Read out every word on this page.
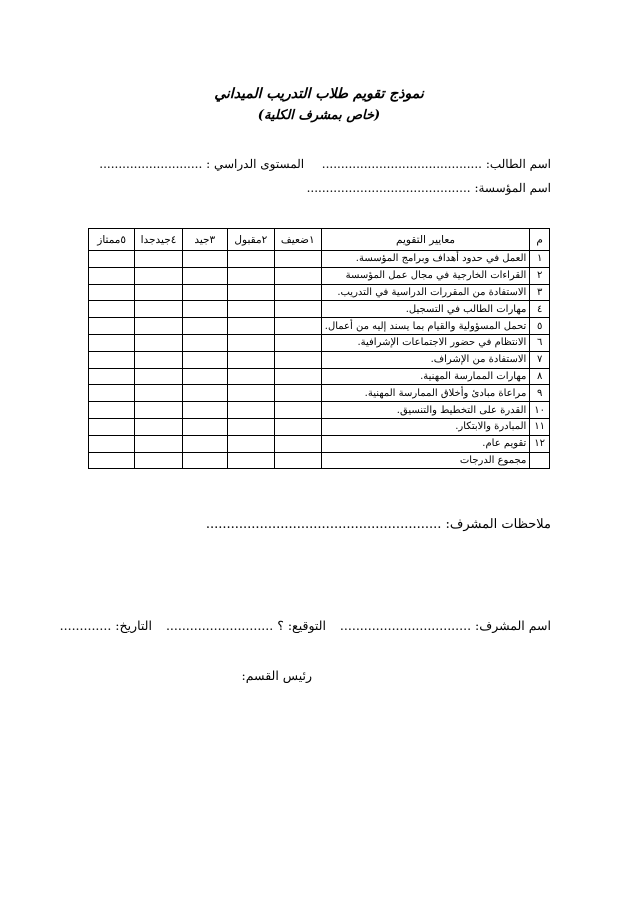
نموذج تقويم طلاب التدريب الميداني
(خاص بمشرف الكلية)
اسم الطالب: ..........................................  المستوى الدراسي : ...........................
اسم المؤسسة: ...........................................
م	معايير التقويم	١ضعيف	٢مقبول	٣جيد	٤جيدجدا	٥ممتاز
١	العمل في حدود أهداف وبرامج المؤسسة.					
٢	القراءات الخارجية في مجال عمل المؤسسة					
٣	الاستفادة من المقررات الدراسية في التدريب.					
٤	مهارات الطالب في التسجيل.					
٥	تحمل المسؤولية والقيام بما يسند إليه من أعمال.					
٦	الانتظام في حضور الاجتماعات الإشرافية.					
٧	الاستفادة من الإشراف.					
٨	مهارات الممارسة المهنية.					
٩	مراعاة مبادئ وأخلاق الممارسة المهنية.					
١٠	القدرة على التخطيط والتنسيق.					
١١	المبادرة والابتكار.					
١٢	تقويم عام.					
	مجموع الدرجات					
ملاحظات المشرف: .........................................................
اسم المشرف: .................................  التوقيع: ؟ ...........................  التاريخ: .............
رئيس القسم:
